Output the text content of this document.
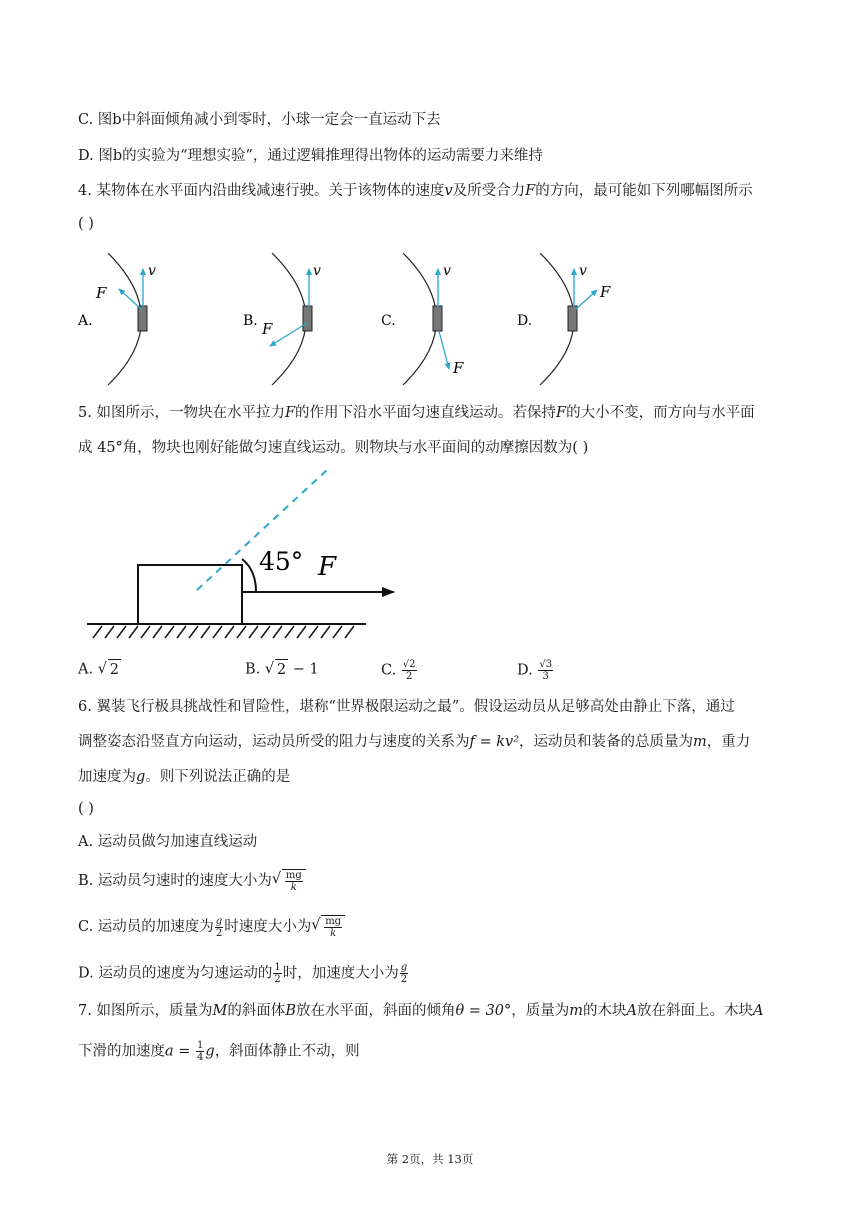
C. 图b中斜面倾角减小到零时，小球一定会一直运动下去
D. 图b的实验为“理想实验”，通过逻辑推理得出物体的运动需要力来维持
4. 某物体在水平面内沿曲线减速行驶。关于该物体的速度v及所受合力F的方向，最可能如下列哪幅图所示
( )
v
F
A.
v
F
B.
v
F
C.
v
F
D.
5. 如图所示，一物块在水平拉力F的作用下沿水平面匀速直线运动。若保持F的大小不变，而方向与水平面
成 45°角，物块也刚好能做匀速直线运动。则物块与水平面间的动摩擦因数为( )
45° F
A. √ 2	B. √ 2 − 1	C. $\frac{√2}{2}$	D. $\frac{√3}{3}$
6. 翼装飞行极具挑战性和冒险性，堪称“世界极限运动之最”。假设运动员从足够高处由静止下落，通过
调整姿态沿竖直方向运动，运动员所受的阻力与速度的关系为f = kv²，运动员和装备的总质量为m，重力
加速度为g。则下列说法正确的是
( )
A. 运动员做匀加速直线运动
B. 运动员匀速时的速度大小为 √ $\frac{mg}{k}$
C. 运动员的加速度为 $\frac{g}{2}$ 时速度大小为 √ $\frac{mg}{k}$
D. 运动员的速度为匀速运动的 $\frac{1}{2}$ 时，加速度大小为 $\frac{g}{2}$
7. 如图所示，质量为M的斜面体B放在水平面，斜面的倾角θ = 30°，质量为m的木块A放在斜面上。木块A
下滑的加速度$a = \frac{1}{4}$ g，斜面体静止不动，则
第 2页，共 13页
